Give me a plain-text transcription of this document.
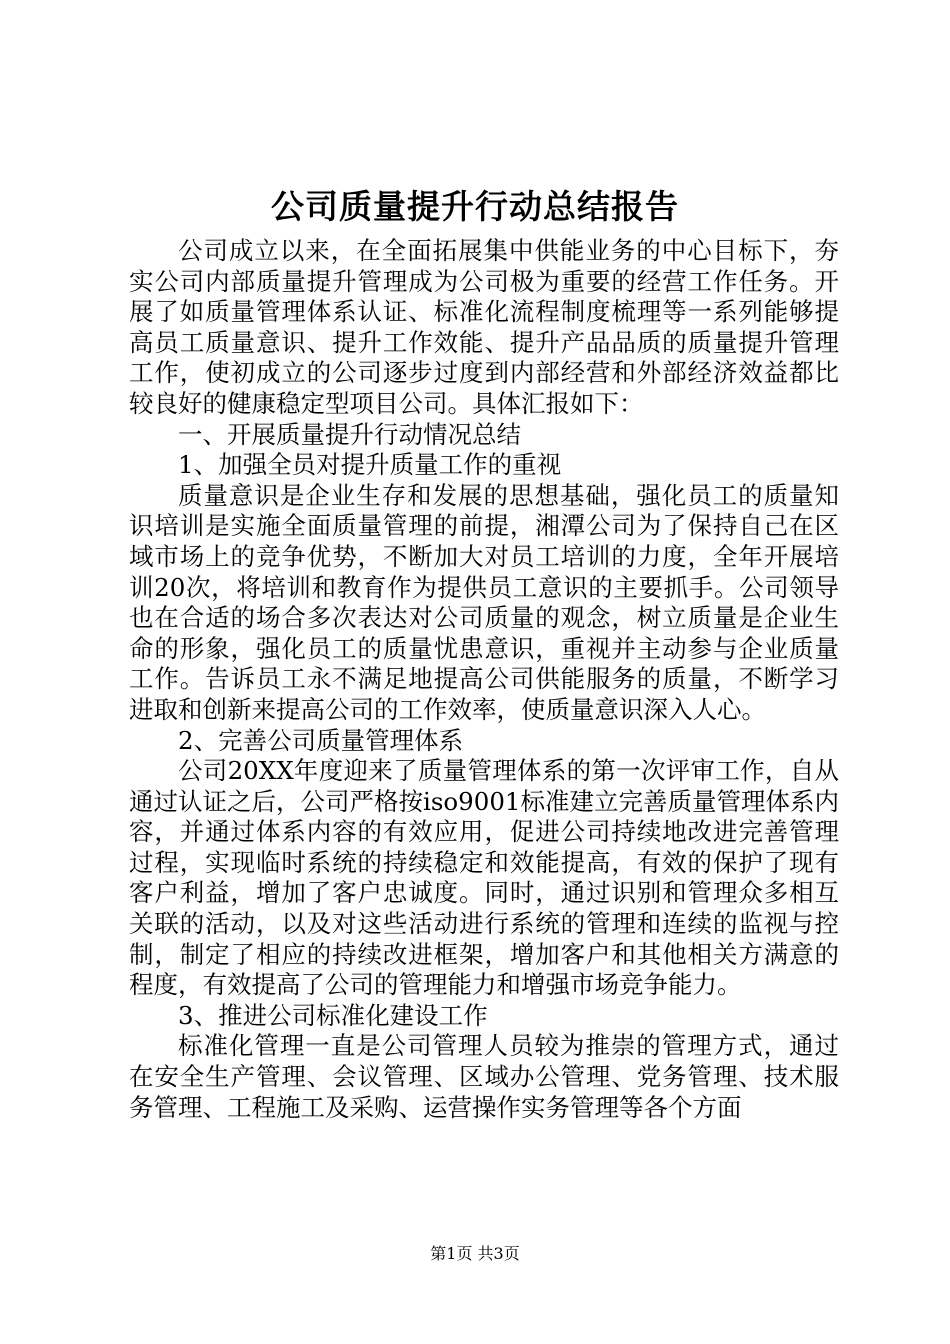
公司质量提升行动总结报告

公司成立以来，在全面拓展集中供能业务的中心目标下，夯实公司内部质量提升管理成为公司极为重要的经营工作任务。开展了如质量管理体系认证、标准化流程制度梳理等一系列能够提高员工质量意识、提升工作效能、提升产品品质的质量提升管理工作，使初成立的公司逐步过度到内部经营和外部经济效益都比较良好的健康稳定型项目公司。具体汇报如下：

一、开展质量提升行动情况总结

1、加强全员对提升质量工作的重视

质量意识是企业生存和发展的思想基础，强化员工的质量知识培训是实施全面质量管理的前提，湘潭公司为了保持自己在区域市场上的竞争优势，不断加大对员工培训的力度，全年开展培训20次，将培训和教育作为提供员工意识的主要抓手。公司领导也在合适的场合多次表达对公司质量的观念，树立质量是企业生命的形象，强化员工的质量忧患意识，重视并主动参与企业质量工作。告诉员工永不满足地提高公司供能服务的质量，不断学习进取和创新来提高公司的工作效率，使质量意识深入人心。

2、完善公司质量管理体系

公司20XX年度迎来了质量管理体系的第一次评审工作，自从通过认证之后，公司严格按iso9001标准建立完善质量管理体系内容，并通过体系内容的有效应用，促进公司持续地改进完善管理过程，实现临时系统的持续稳定和效能提高，有效的保护了现有客户利益，增加了客户忠诚度。同时，通过识别和管理众多相互关联的活动，以及对这些活动进行系统的管理和连续的监视与控制，制定了相应的持续改进框架，增加客户和其他相关方满意的程度，有效提高了公司的管理能力和增强市场竞争能力。

3、推进公司标准化建设工作

标准化管理一直是公司管理人员较为推崇的管理方式，通过在安全生产管理、会议管理、区域办公管理、党务管理、技术服务管理、工程施工及采购、运营操作实务管理等各个方面

第1页 共3页
